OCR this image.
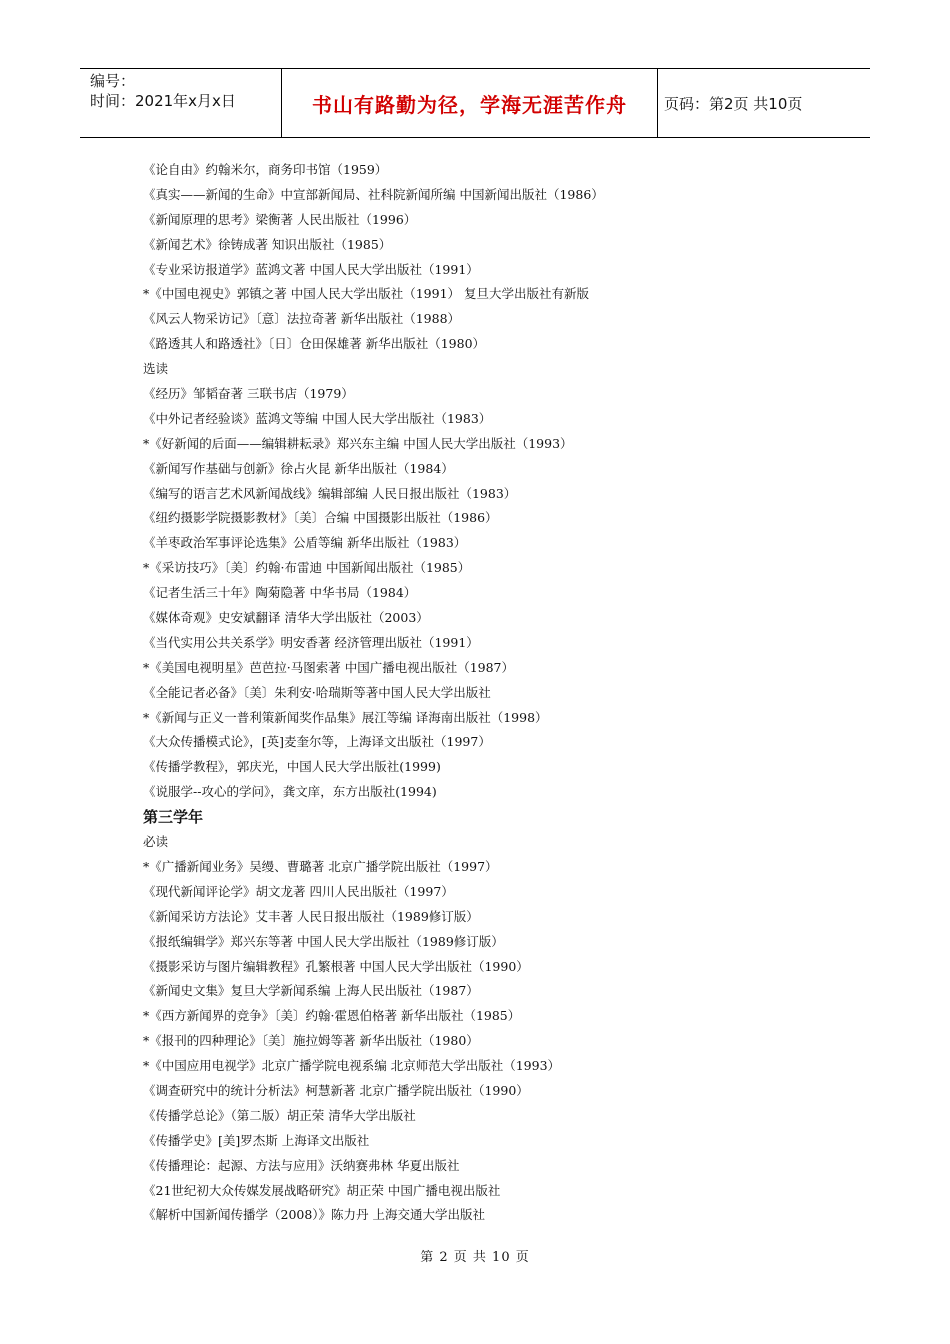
编号：
时间：2021年x月x日	书山有路勤为径，学海无涯苦作舟	页码：第2页 共10页
《论自由》约翰米尔，商务印书馆（1959）
《真实——新闻的生命》中宣部新闻局、社科院新闻所编 中国新闻出版社（1986）
《新闻原理的思考》梁衡著 人民出版社（1996）
《新闻艺术》徐铸成著 知识出版社（1985）
《专业采访报道学》蓝鸿文著 中国人民大学出版社（1991）
*《中国电视史》郭镇之著 中国人民大学出版社（1991） 复旦大学出版社有新版
《风云人物采访记》〔意〕法拉奇著 新华出版社（1988）
《路透其人和路透社》〔日〕仓田保雄著 新华出版社（1980）
选读
《经历》邹韬奋著 三联书店（1979）
《中外记者经验谈》蓝鸿文等编 中国人民大学出版社（1983）
*《好新闻的后面——编辑耕耘录》郑兴东主编 中国人民大学出版社（1993）
《新闻写作基础与创新》徐占火昆 新华出版社（1984）
《编写的语言艺术风新闻战线》编辑部编 人民日报出版社（1983）
《纽约摄影学院摄影教材》〔美〕合编 中国摄影出版社（1986）
《羊枣政治军事评论选集》公盾等编 新华出版社（1983）
*《采访技巧》〔美〕约翰·布雷迪 中国新闻出版社（1985）
《记者生活三十年》陶菊隐著 中华书局（1984）
《媒体奇观》史安斌翻译 清华大学出版社（2003）
《当代实用公共关系学》明安香著 经济管理出版社（1991）
*《美国电视明星》芭芭拉·马图索著 中国广播电视出版社（1987）
《全能记者必备》〔美〕朱利安·哈瑞斯等著中国人民大学出版社
*《新闻与正义一普利策新闻奖作品集》展江等编 译海南出版社（1998）
《大众传播模式论》，[英]麦奎尔等，上海译文出版社（1997）
《传播学教程》，郭庆光，中国人民大学出版社(1999)
《说服学--攻心的学问》，龚文庠，东方出版社(1994)
第三学年
必读
*《广播新闻业务》吴缦、曹璐著 北京广播学院出版社（1997）
《现代新闻评论学》胡文龙著 四川人民出版社（1997）
《新闻采访方法论》艾丰著 人民日报出版社（1989修订版）
《报纸编辑学》郑兴东等著 中国人民大学出版社（1989修订版）
《摄影采访与图片编辑教程》孔繁根著 中国人民大学出版社（1990）
《新闻史文集》复旦大学新闻系编 上海人民出版社（1987）
*《西方新闻界的竞争》〔美〕约翰·霍恩伯格著 新华出版社（1985）
*《报刊的四种理论》〔美〕施拉姆等著 新华出版社（1980）
*《中国应用电视学》北京广播学院电视系编 北京师范大学出版社（1993）
《调查研究中的统计分析法》柯慧新著 北京广播学院出版社（1990）
《传播学总论》（第二版）胡正荣 清华大学出版社
《传播学史》[美]罗杰斯 上海译文出版社
《传播理论：起源、方法与应用》沃纳赛弗林 华夏出版社
《21世纪初大众传媒发展战略研究》胡正荣 中国广播电视出版社
《解析中国新闻传播学（2008）》陈力丹 上海交通大学出版社
第 2 页 共 10 页
